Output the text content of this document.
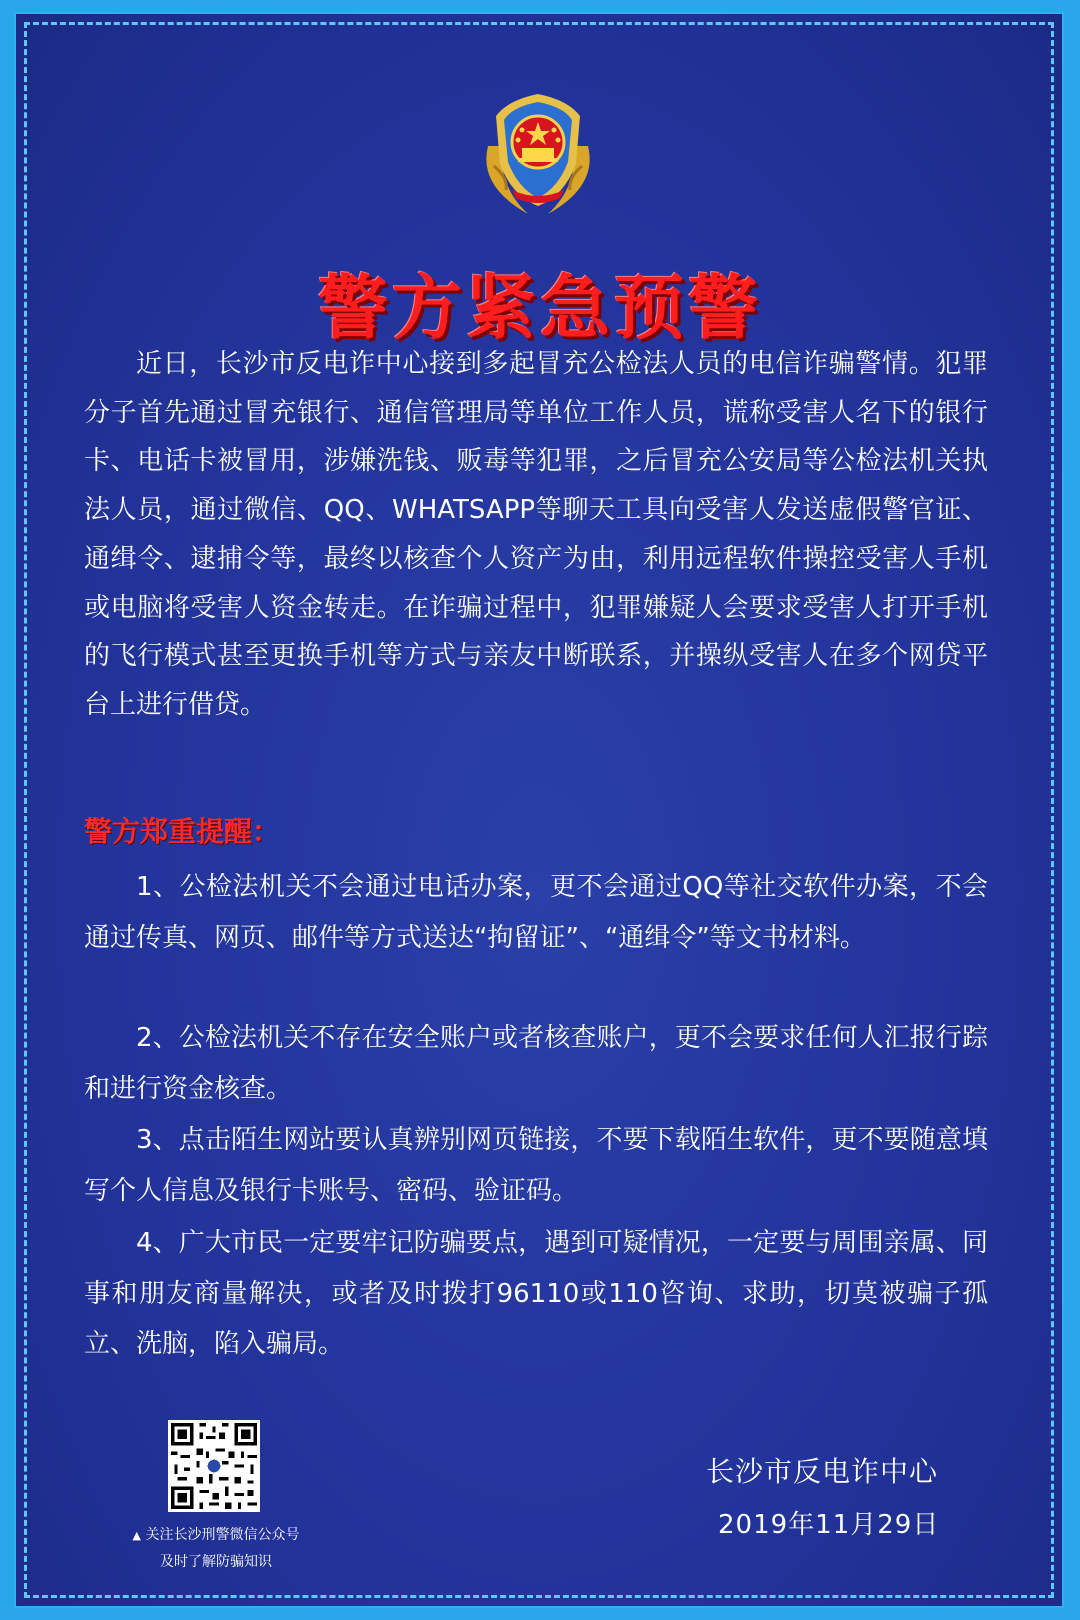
警方紧急预警

近日，长沙市反电诈中心接到多起冒充公检法人员的电信诈骗警情。犯罪分子首先通过冒充银行、通信管理局等单位工作人员，谎称受害人名下的银行卡、电话卡被冒用，涉嫌洗钱、贩毒等犯罪，之后冒充公安局等公检法机关执法人员，通过微信、QQ、WHATSAPP等聊天工具向受害人发送虚假警官证、通缉令、逮捕令等，最终以核查个人资产为由，利用远程软件操控受害人手机或电脑将受害人资金转走。在诈骗过程中，犯罪嫌疑人会要求受害人打开手机的飞行模式甚至更换手机等方式与亲友中断联系，并操纵受害人在多个网贷平台上进行借贷。

警方郑重提醒：

1、公检法机关不会通过电话办案，更不会通过QQ等社交软件办案，不会通过传真、网页、邮件等方式送达“拘留证”、“通缉令”等文书材料。

2、公检法机关不存在安全账户或者核查账户，更不会要求任何人汇报行踪和进行资金核查。

3、点击陌生网站要认真辨别网页链接，不要下载陌生软件，更不要随意填写个人信息及银行卡账号、密码、验证码。

4、广大市民一定要牢记防骗要点，遇到可疑情况，一定要与周围亲属、同事和朋友商量解决，或者及时拨打96110或110咨询、求助，切莫被骗子孤立、洗脑，陷入骗局。

▲ 关注长沙刑警微信公众号
及时了解防骗知识
长沙市反电诈中心
2019年11月29日
